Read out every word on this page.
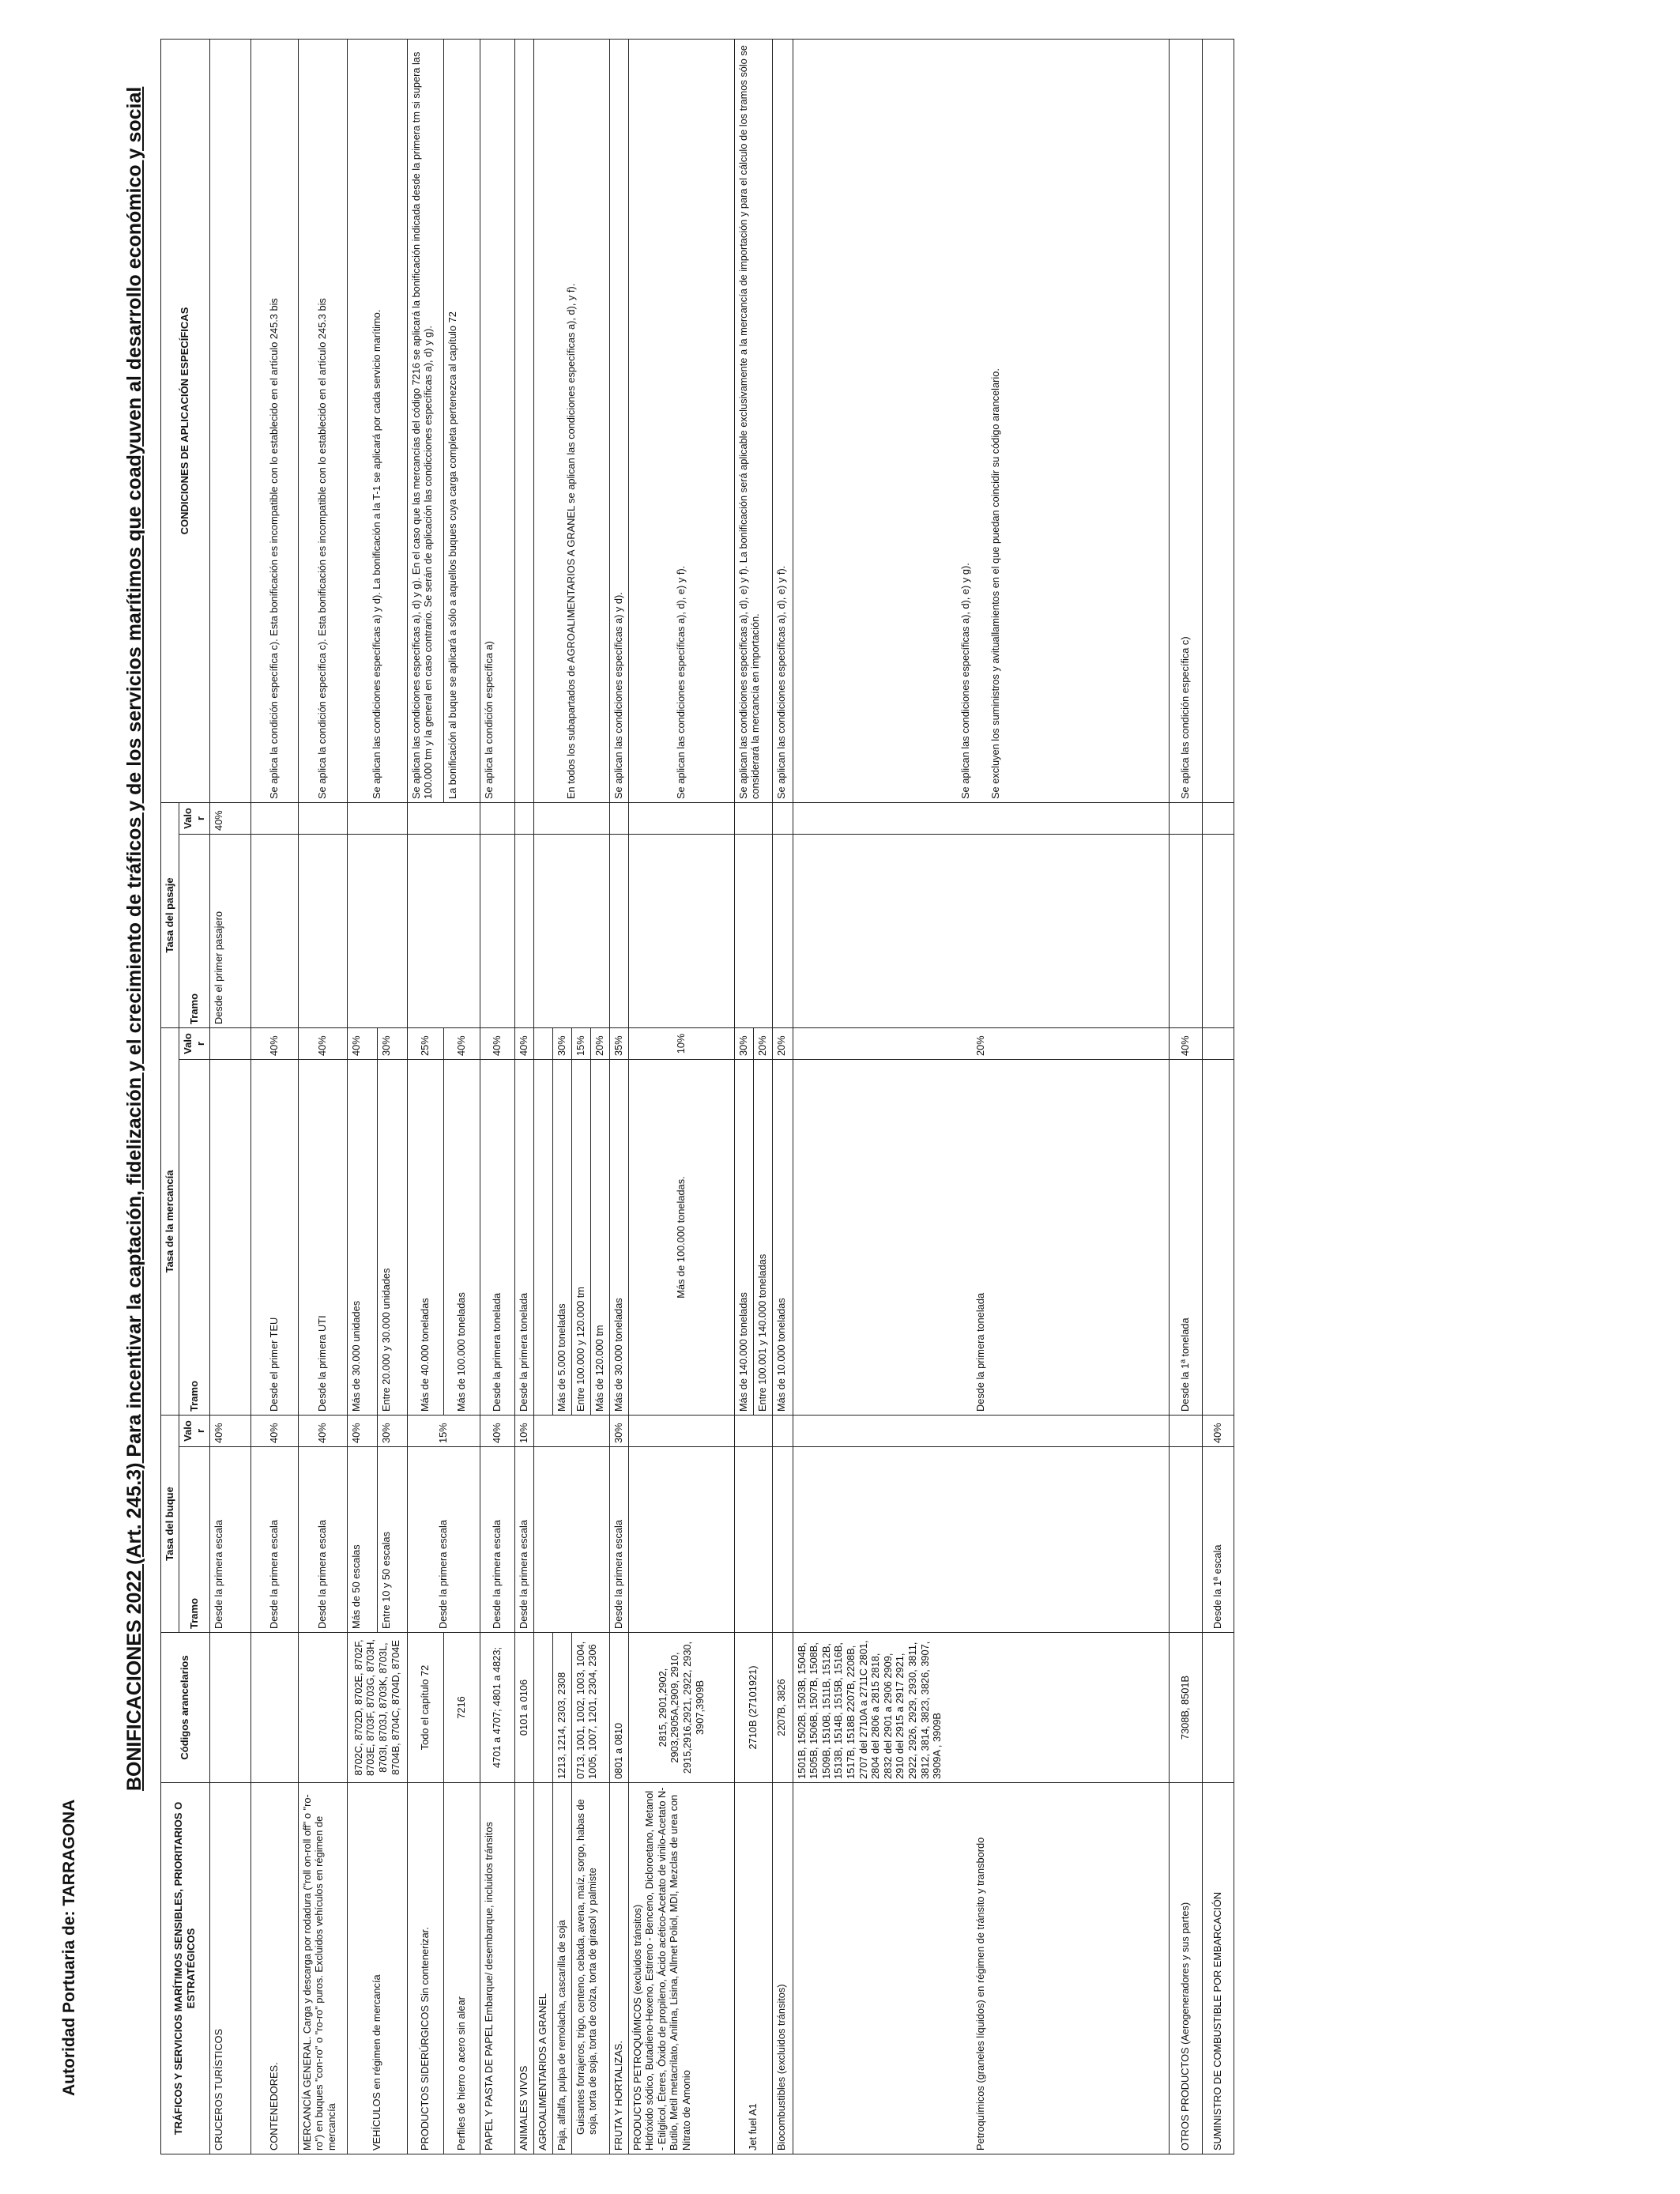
Autoridad Portuaria de: TARRAGONA
BONIFICACIONES 2022 (Art. 245.3) Para incentivar la captación, fidelización y el crecimiento de tráficos y de los servicios marítimos que coadyuven al desarrollo económico y social
TRÁFICOS Y SERVICIOS MARÍTIMOS SENSIBLES, PRIORITARIOS O ESTRATÉGICOS	Códigos arancelarios	Tasa del buque		Tasa de la mercancía		Tasa del pasaje		CONDICIONES DE APLICACIÓN ESPECÍFICAS
		Tramo	Valor	Tramo	Valor	Tramo	Valor	
CRUCEROS TURÍSTICOS		Desde la primera escala	40%			Desde el primer pasajero	40%	
CONTENEDORES.		Desde la primera escala	40%	Desde el primer TEU	40%			Se aplica la condición específica c). Esta bonificación es incompatible con lo establecido en el artículo 245.3 bis
MERCANCÍA GENERAL. Carga y descarga por rodadura ("roll on-roll off" o "ro-ro") en buques "con-ro" o "ro-ro" puros. Excluidos vehículos en régimen de mercancía		Desde la primera escala	40%	Desde la primera UTI	40%			Se aplica la condición específica c). Esta bonificación es incompatible con lo establecido en el artículo 245.3 bis
VEHÍCULOS en régimen de mercancía	8702C, 8702D, 8702E, 8702F, 8703E, 8703F, 8703G, 8703H, 8703I, 8703J, 8703K, 8703L, 8704B, 8704C, 8704D, 8704E	Más de 50 escalas	40%	Más de 30.000 unidades	40%			Se aplican las condiciones específicas a) y d). La bonificación a la T-1 se aplicará por cada servicio marítimo.
		Entre 10 y 50 escalas	30%	Entre 20.000 y 30.000 unidades	30%			
PRODUCTOS SIDERÚRGICOS Sin contenerizar.	Todo el capítulo 72	Desde la primera escala	15%	Más de 40.000 toneladas	25%			Se aplican las condiciones específicas a), d) y g). En el caso que las mercancías del código 7216 se aplicará la bonificación indicada desde la primera tm si supera las 100.000 tm y la general en caso contrario. Se serán de aplicación las condicciones específicas a), d) y g).
Perfiles de hierro o acero sin alear	7216			Más de 100.000 toneladas	40%			La bonificación al buque se aplicará a sólo a aquellos buques cuya carga completa pertenezca al capítulo 72
PAPEL Y PASTA DE PAPEL Embarque/ desembarque, incluidos tránsitos	4701 a 4707; 4801 a 4823;	Desde la primera escala	40%	Desde la primera tonelada	40%			Se aplica la condición específica a)
ANIMALES VIVOS	0101 a 0106	Desde la primera escala	10%	Desde la primera tonelada	40%			
AGROALIMENTARIOS A GRANEL								En todos los subapartados de AGROALIMENTARIOS A GRANEL se aplican las condiciones específicas a), d), y f).
Paja, alfalfa, pulpa de remolacha, cascarilla de soja	1213, 1214, 2303, 2308			Más de 5.000 toneladas	30%			
Guisantes forrajeros, trigo, centeno, cebada, avena, maíz, sorgo, habas de soja, torta de soja, torta de colza, torta de girasol y palmiste	0713, 1001, 1002, 1003, 1004, 1005, 1007, 1201, 2304, 2306			Entre 100.000 y 120.000 tm	15%			
				Más de 120.000 tm	20%			
FRUTA Y HORTALIZAS.	0801 a 0810	Desde la primera escala	30%	Más de 30.000 toneladas	35%			Se aplican las condiciones específicas a) y d).

PRODUCTOS PETROQUÍMICOS (excluidos tránsitos) Hidróxido sódico, Butadieno-Hexeno, Estireno - Benceno, Dicloroetano, Metanol - Etilglicol, Éteres, Óxido de propileno, Ácido acético-Acetato de vinilo-Acetato N-Butilo, Metil metacrilato, Anilina, Lisina, Allmet Poliol, MDI, Mezclas de urea con Nitrato de Amonio	2815, 2901,2902, 2903,2905A,2909, 2910, 2915,2916,2921, 2922, 2930, 3907,3909B			Más de 100.000 toneladas.	10%			Se aplican las condiciones específicas a), d), e) y f).
Jet fuel A1	2710B (27101921)			Más de 140.000 toneladas	30%			Se aplican las condiciones específicas a), d), e) y f). La bonificación será aplicable exclusivamente a la mercancía de importación y para el cálculo de los tramos sólo se considerará la mercancía en importación.
				Entre 100.001 y 140.000 toneladas	20%			
Biocombustibles (excluidos tránsitos)	2207B, 3826			Más de 10.000 toneladas	20%			Se aplican las condiciones específicas a), d), e) y f).
Petroquímicos (graneles líquidos) en régimen de tránsito y transbordo	1501B, 1502B, 1503B, 1504B, 1505B, 1506B, 1507B, 1508B, 1509B, 1510B, 1511B, 1512B, 1513B, 1514B, 1515B, 1516B, 1517B, 1518B 2207B, 2208B, 2707 del 2710A a 2711C 2801, 2804 del 2806 a 2815 2818, 2832 del 2901 a 2906 2909, 2910 del 2915 a 2917 2921, 2922, 2926, 2929, 2930, 3811, 3812, 3814, 3823, 3826, 3907, 3909A , 3909B			Desde la primera tonelada	20%			Se aplican las condiciones específicas a), d), e) y g). Se excluyen los suministros y avituallamientos en el que puedan coincidir su código arancelario.

OTROS PRODUCTOS (Aerogeneradores y sus partes)	7308B, 8501B			Desde la 1ª tonelada	40%			Se aplica las condición específica c)
SUMINISTRO DE COMBUSTIBLE POR EMBARCACIÓN		Desde la 1ª escala	40%					
